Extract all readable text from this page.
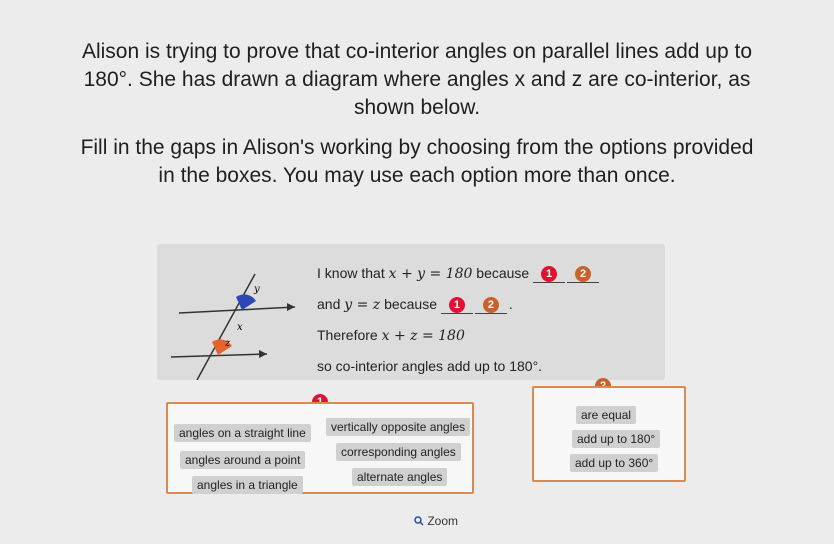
Alison is trying to prove that co-interior angles on parallel lines add up to

180°. She has drawn a diagram where angles x and z are co-interior, as

shown below.

Fill in the gaps in Alison's working by choosing from the options provided

in the boxes. You may use each option more than once.

y
x
z
I know that x + y = 180 because 1	2
and y = z because 1	2 .
Therefore x + z = 180
so co-interior angles add up to 180°.
angles on a straight line	vertically opposite angles
angles around a point
corresponding angles
angles in a triangle
alternate angles
are equal
add up to 180°
add up to 360°
Zoom
